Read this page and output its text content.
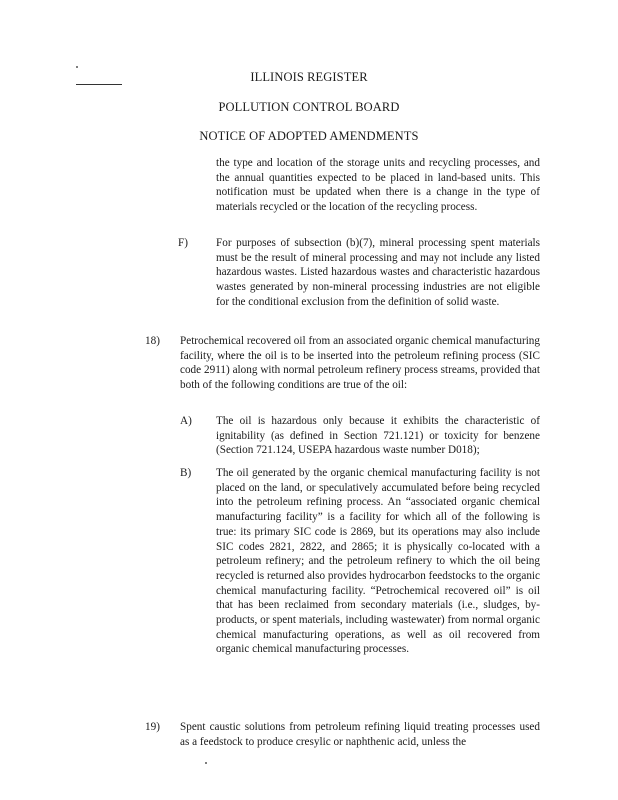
ILLINOIS REGISTER
POLLUTION CONTROL BOARD
NOTICE OF ADOPTED AMENDMENTS

the type and location of the storage units and recycling processes, and the annual quantities expected to be placed in land-based units. This notification must be updated when there is a change in the type of materials recycled or the location of the recycling process.

F)	For purposes of subsection (b)(7), mineral processing spent materials must be the result of mineral processing and may not include any listed hazardous wastes. Listed hazardous wastes and characteristic hazardous wastes generated by non-mineral processing industries are not eligible for the conditional exclusion from the definition of solid waste.

18) Petrochemical recovered oil from an associated organic chemical manufacturing facility, where the oil is to be inserted into the petroleum refining process (SIC code 2911) along with normal petroleum refinery process streams, provided that both of the following conditions are true of the oil:

A) The oil is hazardous only because it exhibits the characteristic of ignitability (as defined in Section 721.121) or toxicity for benzene (Section 721.124, USEPA hazardous waste number D018);

B) The oil generated by the organic chemical manufacturing facility is not placed on the land, or speculatively accumulated before being recycled into the petroleum refining process. An “associated organic chemical manufacturing facility” is a facility for which all of the following is true: its primary SIC code is 2869, but its operations may also include SIC codes 2821, 2822, and 2865; it is physically co-located with a petroleum refinery; and the petroleum refinery to which the oil being recycled is returned also provides hydrocarbon feedstocks to the organic chemical manufacturing facility. “Petrochemical recovered oil” is oil that has been reclaimed from secondary materials (i.e., sludges, by-products, or spent materials, including wastewater) from normal organic chemical manufacturing operations, as well as oil recovered from organic chemical manufacturing processes.

19) Spent caustic solutions from petroleum refining liquid treating processes used as a feedstock to produce cresylic or naphthenic acid, unless the
